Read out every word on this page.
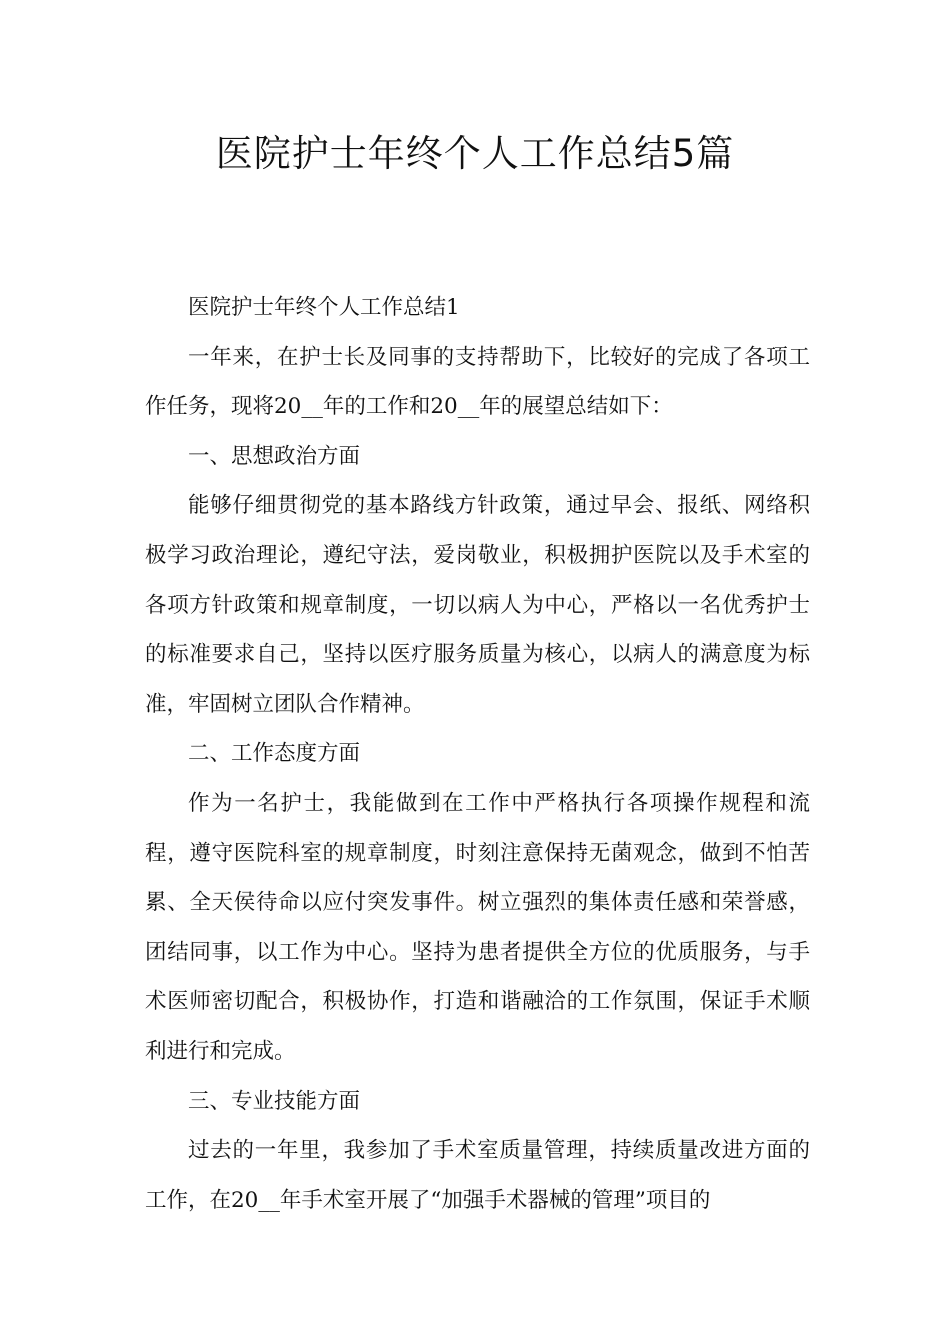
医院护士年终个人工作总结5篇

医院护士年终个人工作总结1

一年来，在护士长及同事的支持帮助下，比较好的完成了各项工作任务，现将20__年的工作和20__年的展望总结如下：

一、思想政治方面

能够仔细贯彻党的基本路线方针政策，通过早会、报纸、网络积极学习政治理论，遵纪守法，爱岗敬业，积极拥护医院以及手术室的各项方针政策和规章制度，一切以病人为中心，严格以一名优秀护士的标准要求自己，坚持以医疗服务质量为核心，以病人的满意度为标准，牢固树立团队合作精神。

二、工作态度方面

作为一名护士，我能做到在工作中严格执行各项操作规程和流程，遵守医院科室的规章制度，时刻注意保持无菌观念，做到不怕苦累、全天侯待命以应付突发事件。树立强烈的集体责任感和荣誉感，团结同事，以工作为中心。坚持为患者提供全方位的优质服务，与手术医师密切配合，积极协作，打造和谐融洽的工作氛围，保证手术顺利进行和完成。

三、专业技能方面

过去的一年里，我参加了手术室质量管理，持续质量改进方面的工作，在20__年手术室开展了“加强手术器械的管理”项目的
